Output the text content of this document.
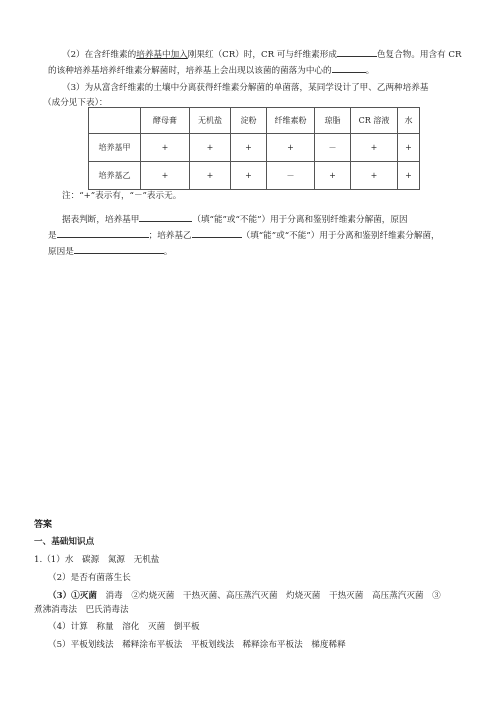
（2）在含纤维素的培养基中加入刚果红（CR）时，CR 可与纤维素形成	色复合物。用含有 CR
的该种培养基培养纤维素分解菌时，培养基上会出现以该菌的菌落为中心的	。
（3）为从富含纤维素的土壤中分离获得纤维素分解菌的单菌落，某同学设计了甲、乙两种培养基
（成分见下表）：
	酵母膏	无机盐	淀粉	纤维素粉	琼脂	CR 溶液	水
培养基甲	+	+	+	+	－	+	+
培养基乙	+	+	+	－	+	+	+
注：“+”表示有，“－”表示无。
据表判断，培养基甲	（填“能”或“不能”）用于分离和鉴别纤维素分解菌，原因
是	；培养基乙	（填“能”或“不能”）用于分离和鉴别纤维素分解菌，
原因是	。
答案
一、基础知识点
1.（1）水　碳源　氮源　无机盐
（2）是否有菌落生长
（3）①灭菌　消毒　②灼烧灭菌　干热灭菌、高压蒸汽灭菌　灼烧灭菌　干热灭菌　高压蒸汽灭菌　③
煮沸消毒法　巴氏消毒法
（4）计算　称量　溶化　灭菌　倒平板
（5）平板划线法　稀释涂布平板法　平板划线法　稀释涂布平板法　梯度稀释
